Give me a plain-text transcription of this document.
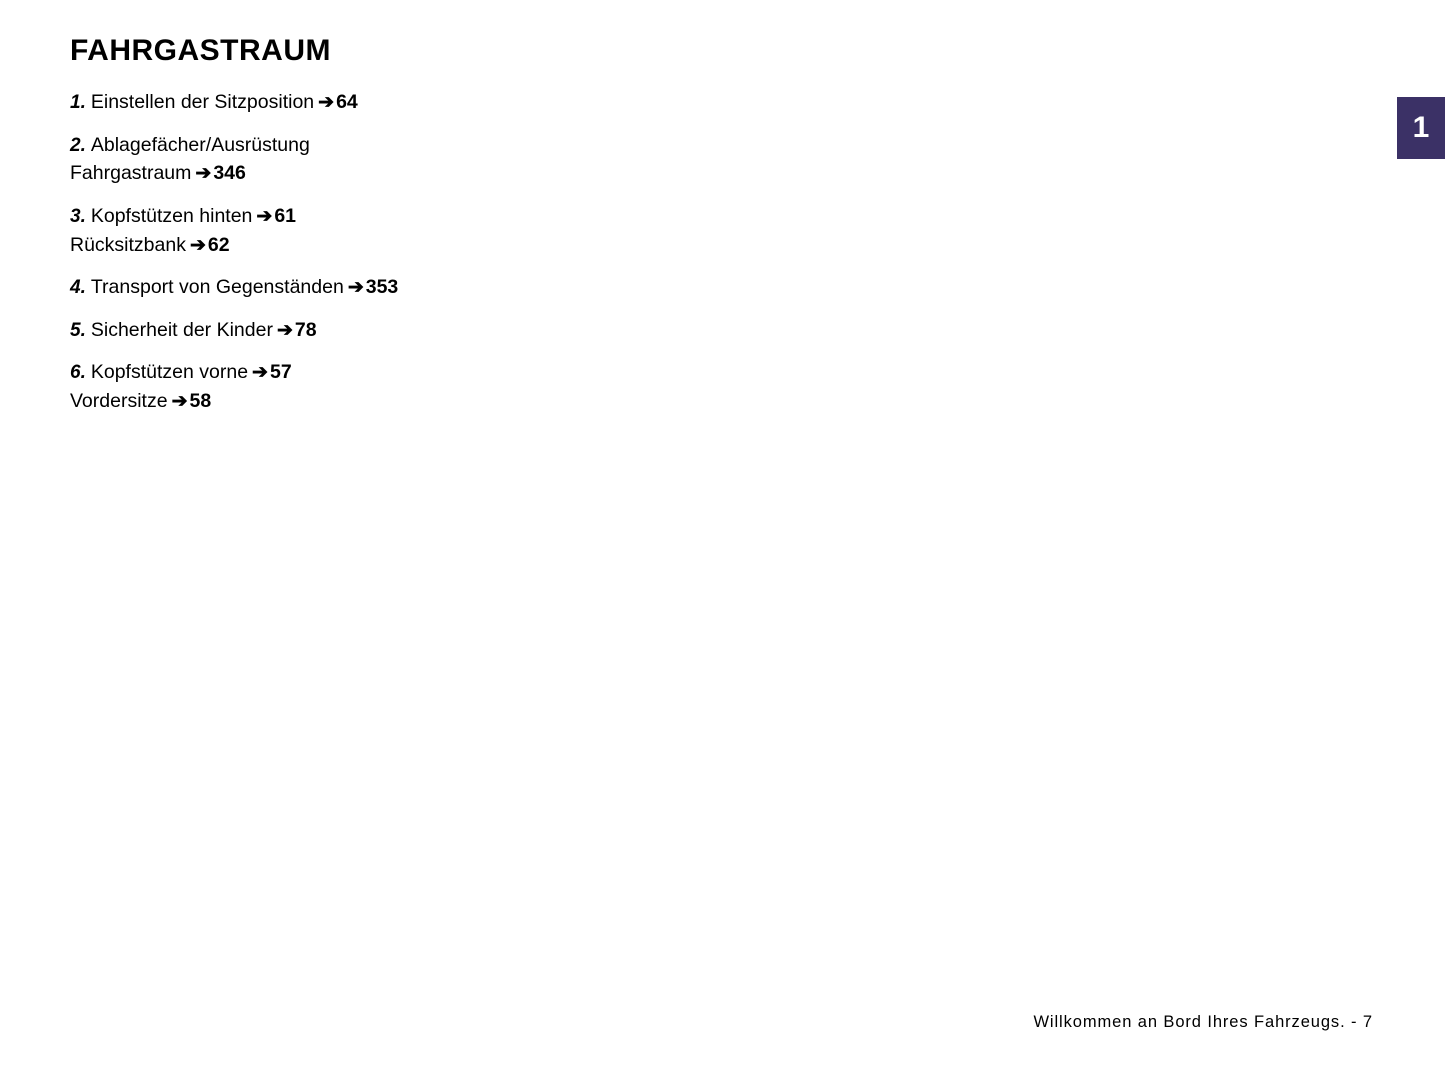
1
FAHRGASTRAUM
1. Einstellen der Sitzposition ➔ 64
2. Ablagefächer/Ausrüstung
Fahrgastraum ➔ 346
3. Kopfstützen hinten ➔ 61
Rücksitzbank ➔ 62
4. Transport von Gegenständen ➔ 353
5. Sicherheit der Kinder ➔ 78
6. Kopfstützen vorne ➔ 57
Vordersitze ➔ 58
Willkommen an Bord Ihres Fahrzeugs. - 7
